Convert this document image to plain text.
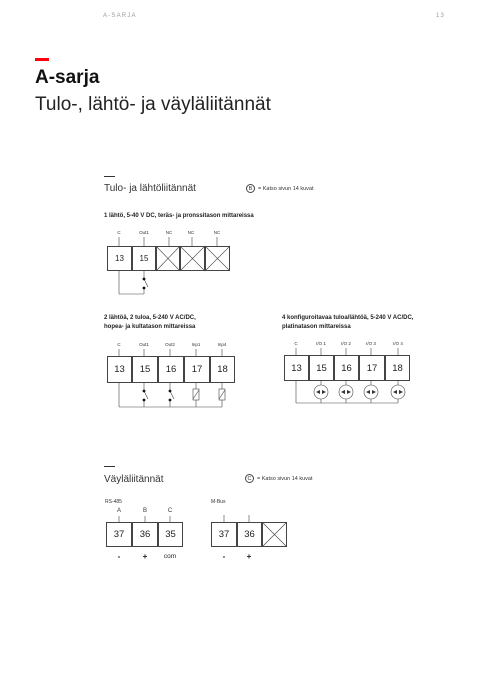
A-SARJA	13
A-sarja
Tulo-, lähtö- ja väyläliitännät
Tulo- ja lähtöliitännät	B	= Katso sivun 14 kuvat
1 lähtö, 5-40 V DC, teräs- ja pronssitason mittareissa
C	Out1	NC	NC	NC
13	15
2 lähtöä, 2 tuloa, 5-240 V AC/DC,
hopea- ja kultatason mittareissa
C	Out1	Out2	Inp1	Inp4
13	15	16	17	18
4 konfiguroitavaa tuloa/lähtöä, 5-240 V AC/DC,
platinatason mittareissa
C	I/O 1	I/O 2	I/O 3	I/O 4
13	15	16	17	18
Väyläliitännät	C	= Katso sivun 14 kuvat
RS-485
A	B	C
37	36	35
-	+	com
M-Bus
37	36
-	+
